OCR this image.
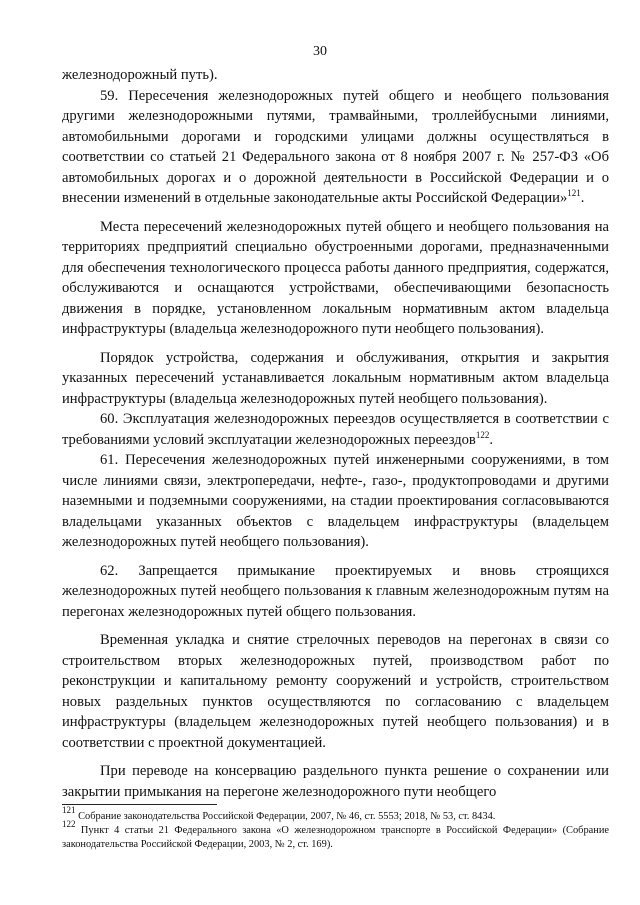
30

железнодорожный путь).

59. Пересечения железнодорожных путей общего и необщего пользования другими железнодорожными путями, трамвайными, троллейбусными линиями, автомобильными дорогами и городскими улицами должны осуществляться в соответствии со статьей 21 Федерального закона от 8 ноября 2007 г. № 257-ФЗ «Об автомобильных дорогах и о дорожной деятельности в Российской Федерации и о внесении изменений в отдельные законодательные акты Российской Федерации»$^{121}$.

Места пересечений железнодорожных путей общего и необщего пользования на территориях предприятий специально обустроенными дорогами, предназначенными для обеспечения технологического процесса работы данного предприятия, содержатся, обслуживаются и оснащаются устройствами, обеспечивающими безопасность движения в порядке, установленном локальным нормативным актом владельца инфраструктуры (владельца железнодорожного пути необщего пользования).

Порядок устройства, содержания и обслуживания, открытия и закрытия указанных пересечений устанавливается локальным нормативным актом владельца инфраструктуры (владельца железнодорожных путей необщего пользования).

60. Эксплуатация железнодорожных переездов осуществляется в соответствии с требованиями условий эксплуатации железнодорожных переездов$^{122}$.

61. Пересечения железнодорожных путей инженерными сооружениями, в том числе линиями связи, электропередачи, нефте-, газо-, продуктопроводами и другими наземными и подземными сооружениями, на стадии проектирования согласовываются владельцами указанных объектов с владельцем инфраструктуры (владельцем железнодорожных путей необщего пользования).

62. Запрещается примыкание проектируемых и вновь строящихся железнодорожных путей необщего пользования к главным железнодорожным путям на перегонах железнодорожных путей общего пользования.

Временная укладка и снятие стрелочных переводов на перегонах в связи со строительством вторых железнодорожных путей, производством работ по реконструкции и капитальному ремонту сооружений и устройств, строительством новых раздельных пунктов осуществляются по согласованию с владельцем инфраструктуры (владельцем железнодорожных путей необщего пользования) и в соответствии с проектной документацией.

При переводе на консервацию раздельного пункта решение о сохранении или закрытии примыкания на перегоне железнодорожного пути необщего

$^{121}$ Собрание законодательства Российской Федерации, 2007, № 46, ст. 5553; 2018, № 53, ст. 8434.

$^{122}$ Пункт 4 статьи 21 Федерального закона «О железнодорожном транспорте в Российской Федерации» (Собрание законодательства Российской Федерации, 2003, № 2, ст. 169).
